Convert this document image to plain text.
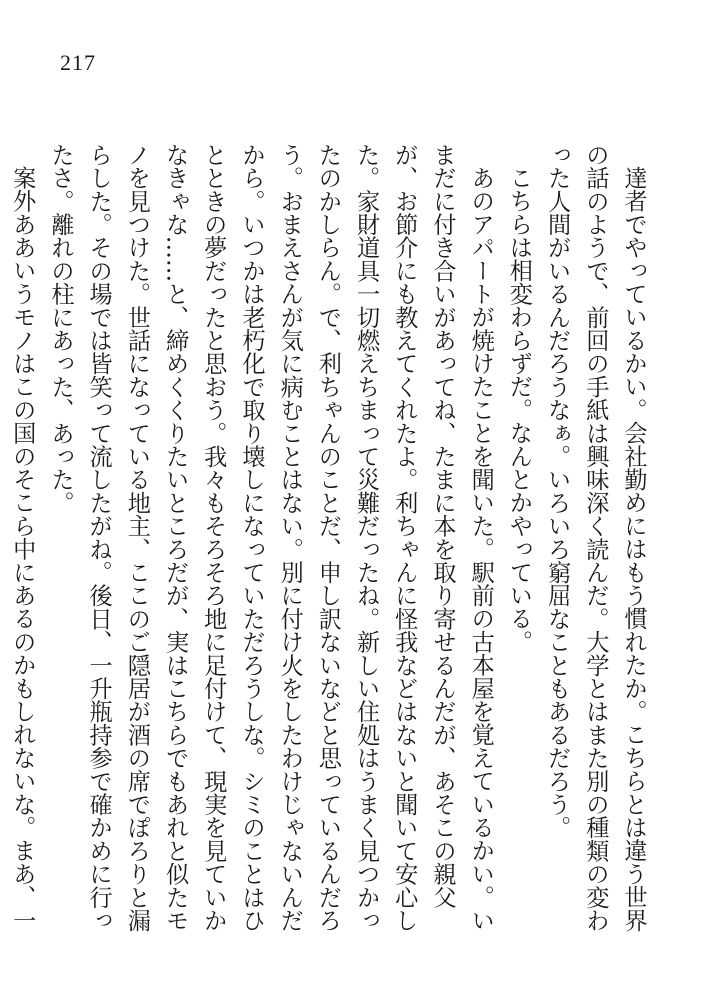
217

達者でやっているかい。会社勤めにはもう慣れたか。こちらとは違う世界の話のようで、前回の手紙は興味深く読んだ。大学とはまた別の種類の変わった人間がいるんだろうなぁ。いろいろ窮屈なこともあるだろう。

こちらは相変わらずだ。なんとかやっている。

あのアパートが焼けたことを聞いた。駅前の古本屋を覚えているかい。いまだに付き合いがあってね、たまに本を取り寄せるんだが、あそこの親父が、お節介にも教えてくれたよ。利ちゃんに怪我などはないと聞いて安心した。家財道具一切燃えちまって災難だったね。新しい住処はうまく見つかったのかしらん。で、利ちゃんのことだ、申し訳ないなどと思っているんだろう。おまえさんが気に病むことはない。別に付け火をしたわけじゃないんだから。いつかは老朽化で取り壊しになっていただろうしな。シミのことはひとときの夢だったと思おう。我々もそろそろ地に足付けて、現実を見ていかなきゃな……と、締めくくりたいところだが、実はこちらでもあれと似たモノを見つけた。世話になっている地主、ここのご隠居が酒の席でぽろりと漏らした。その場では皆笑って流したがね。後日、一升瓶持参で確かめに行ったさ。離れの柱にあった、あった。

案外ああいうモノはこの国のそこら中にあるのかもしれないな。まあ、一
